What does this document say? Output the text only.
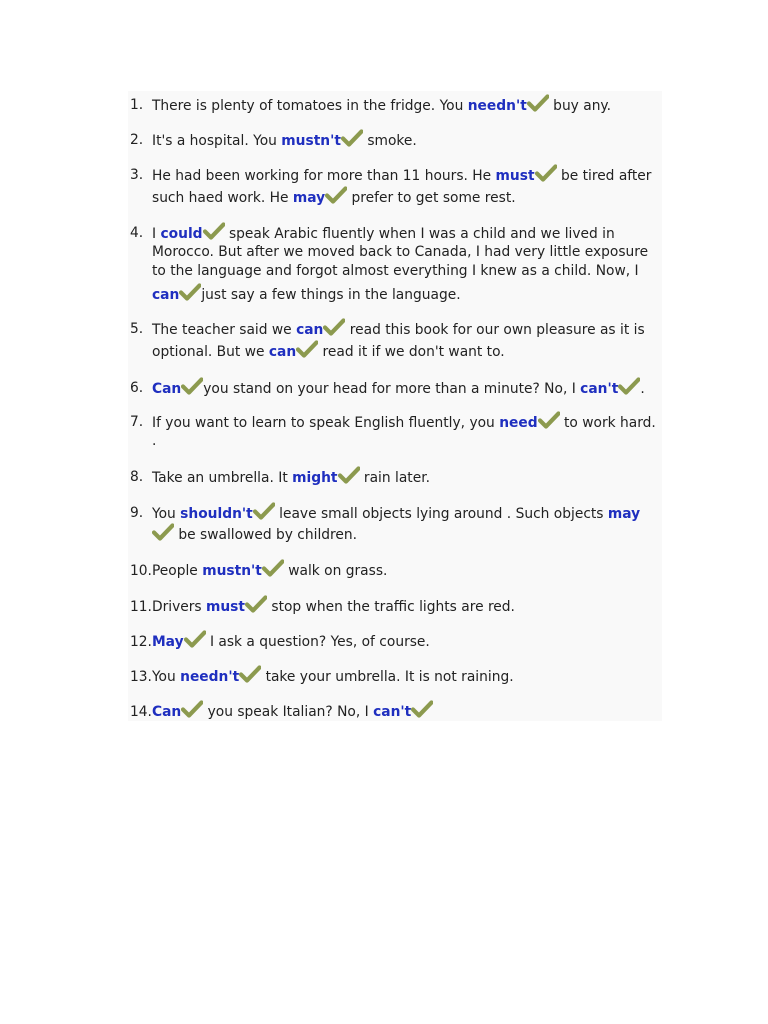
1. There is plenty of tomatoes in the fridge. You needn't
buy any.
2. It's a hospital. You mustn't
smoke.
3. He had been working for more than 11 hours. He must
be tired after
such haed work. He may
prefer to get some rest.
4. I could
speak Arabic fluently when I was a child and we lived in
Morocco. But after we moved back to Canada, I had very little exposure
to the language and forgot almost everything I knew as a child. Now, I
can just say a few things in the language.
5. The teacher said we can
read this book for our own pleasure as it is
optional. But we can
read it if we don't want to.
6. Can you stand on your head for more than a minute? No, I can't .
7. If you want to learn to speak English fluently, you need
to work hard.
.
8. Take an umbrella. It might
rain later.
9. You shouldn't
leave small objects lying around . Such objects may
be swallowed by children.
10.People mustn't
walk on grass.
11.Drivers must
stop when the traffic lights are red.
12.May
I ask a question? Yes, of course.
13.You needn't
take your umbrella. It is not raining.
14.Can
you speak Italian? No, I can't
